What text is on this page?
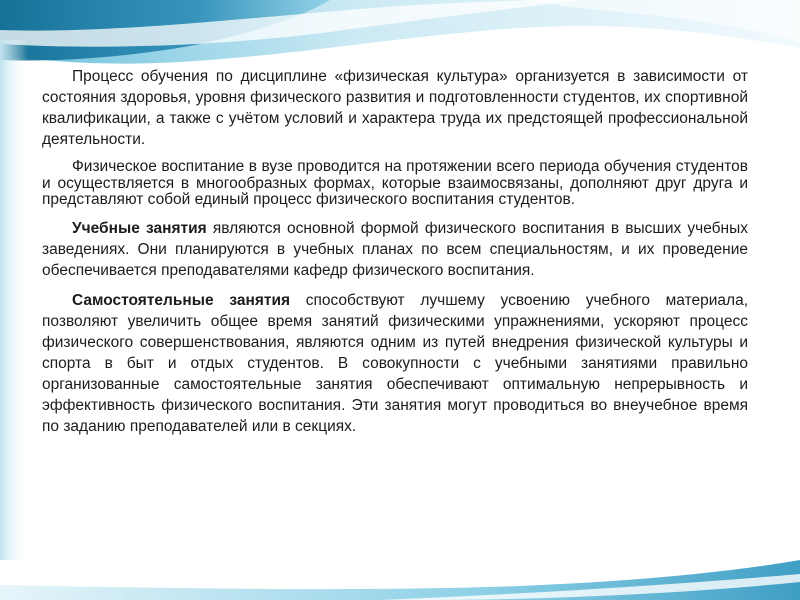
Процесс обучения по дисциплине «физическая культура» организуется в зависимости от состояния здоровья, уровня физического развития и подготовленности студентов, их спортивной квалификации, а также с учётом условий и характера труда их предстоящей профессиональной деятельности.

Физическое воспитание в вузе проводится на протяжении всего периода обучения студентов и осуществляется в многообразных формах, которые взаимосвязаны, дополняют друг друга и представляют собой единый процесс физического воспитания студентов.

Учебные занятия являются основной формой физического воспитания в высших учебных заведениях. Они планируются в учебных планах по всем специальностям, и их проведение обеспечивается преподавателями кафедр физического воспитания.

Самостоятельные занятия способствуют лучшему усвоению учебного материала, позволяют увеличить общее время занятий физическими упражнениями, ускоряют процесс физического совершенствования, являются одним из путей внедрения физической культуры и спорта в быт и отдых студентов. В совокупности с учебными занятиями правильно организованные самостоятельные занятия обеспечивают оптимальную непрерывность и эффективность физического воспитания. Эти занятия могут проводиться во внеучебное время по заданию преподавателей или в секциях.
